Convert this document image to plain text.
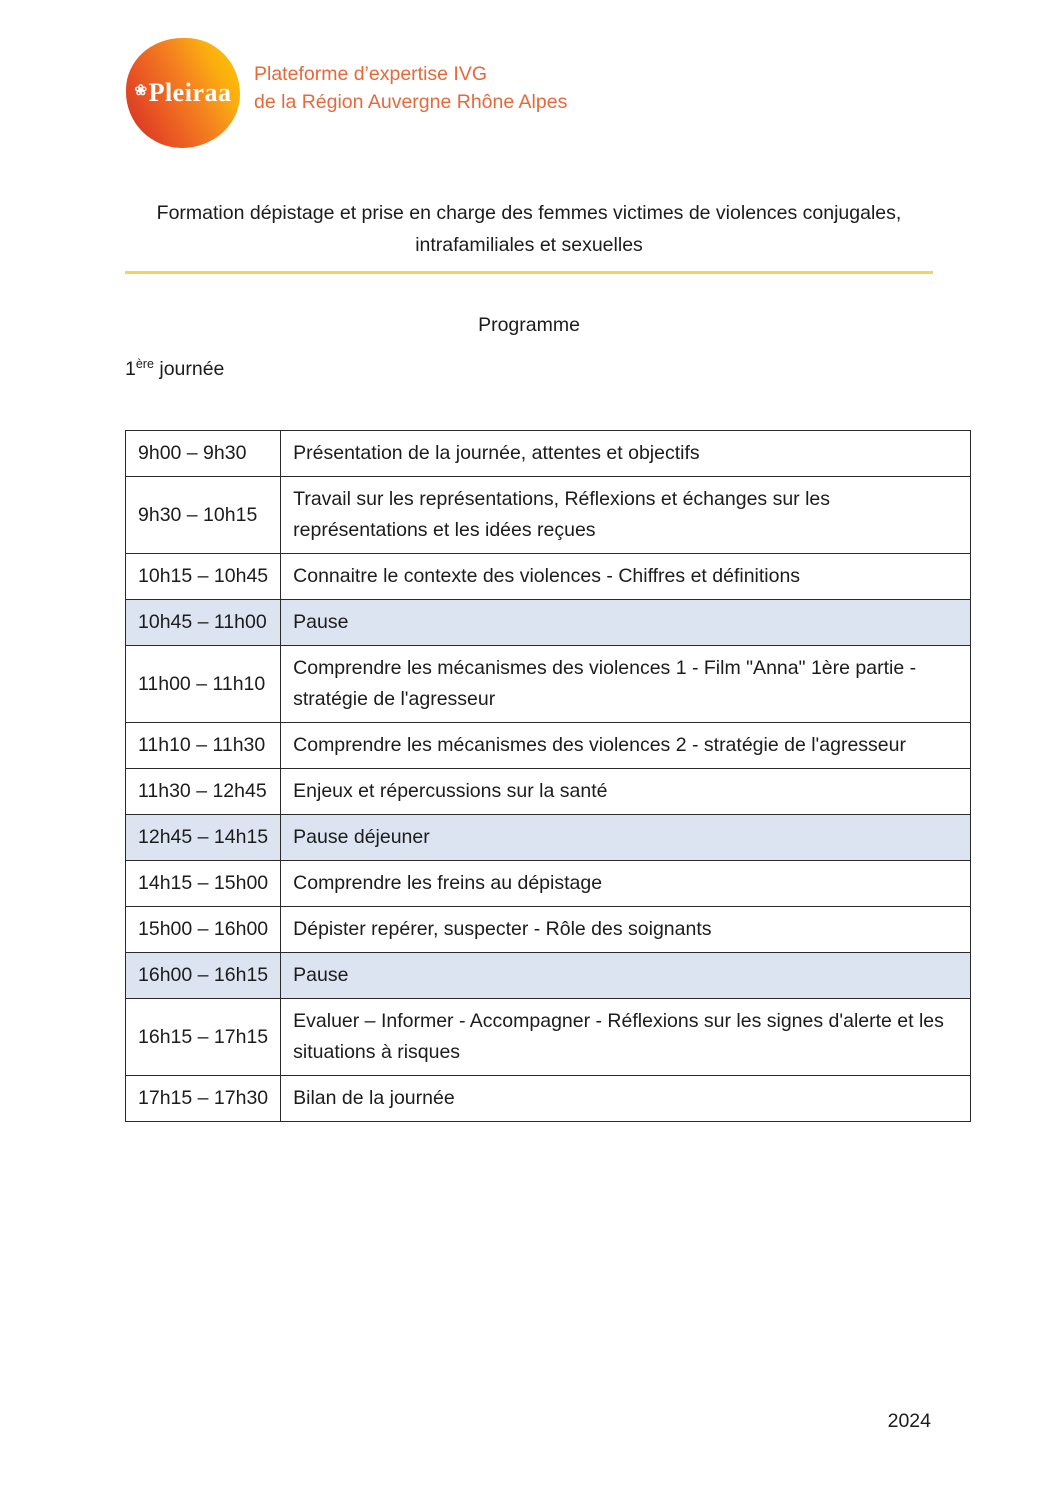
❀Pleiraa
Plateforme d’expertise IVG
de la Région Auvergne Rhône Alpes
Formation dépistage et prise en charge des femmes victimes de violences conjugales,
intrafamiliales et sexuelles
Programme
1ère journée
9h00 – 9h30	Présentation de la journée, attentes et objectifs
9h30 – 10h15	Travail sur les représentations, Réflexions et échanges sur les représentations et les idées reçues
10h15 – 10h45	Connaitre le contexte des violences - Chiffres et définitions
10h45 – 11h00	Pause
11h00 – 11h10	Comprendre les mécanismes des violences 1 - Film "Anna" 1ère partie - stratégie de l'agresseur
11h10 – 11h30	Comprendre les mécanismes des violences 2 - stratégie de l'agresseur
11h30 – 12h45	Enjeux et répercussions sur la santé
12h45 – 14h15	Pause déjeuner
14h15 – 15h00	Comprendre les freins au dépistage
15h00 – 16h00	Dépister repérer, suspecter - Rôle des soignants
16h00 – 16h15	Pause
16h15 – 17h15	Evaluer – Informer - Accompagner - Réflexions sur les signes d'alerte et les situations à risques
17h15 – 17h30	Bilan de la journée
2024
